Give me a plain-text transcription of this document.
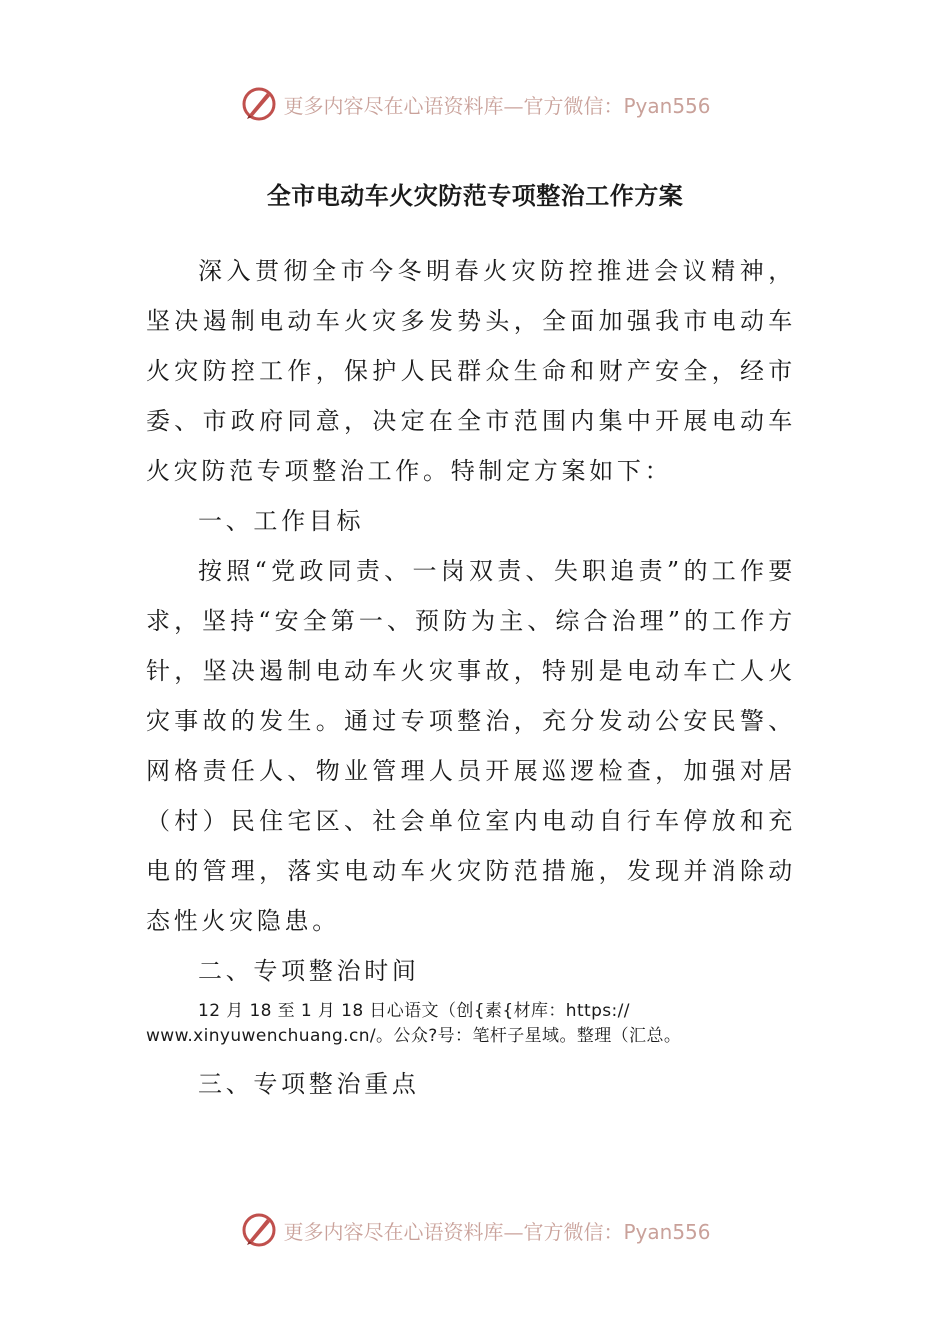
更多内容尽在心语资料库—官方微信：Pyan556
全市电动车火灾防范专项整治工作方案

深入贯彻全市今冬明春火灾防控推进会议精神，坚决遏制电动车火灾多发势头，全面加强我市电动车火灾防控工作，保护人民群众生命和财产安全，经市委、市政府同意，决定在全市范围内集中开展电动车火灾防范专项整治工作。特制定方案如下：

一、工作目标

按照“党政同责、一岗双责、失职追责”的工作要求，坚持“安全第一、预防为主、综合治理”的工作方针，坚决遏制电动车火灾事故，特别是电动车亡人火灾事故的发生。通过专项整治，充分发动公安民警、网格责任人、物业管理人员开展巡逻检查，加强对居（村）民住宅区、社会单位室内电动自行车停放和充电的管理，落实电动车火灾防范措施，发现并消除动态性火灾隐患。

二、专项整治时间

12 月 18 至 1 月 18 日心语文（创{素{材库：https://
www.xinyuwenchuang.cn/。公众?号：笔杆子星域。整理（汇总。

三、专项整治重点

更多内容尽在心语资料库—官方微信：Pyan556
